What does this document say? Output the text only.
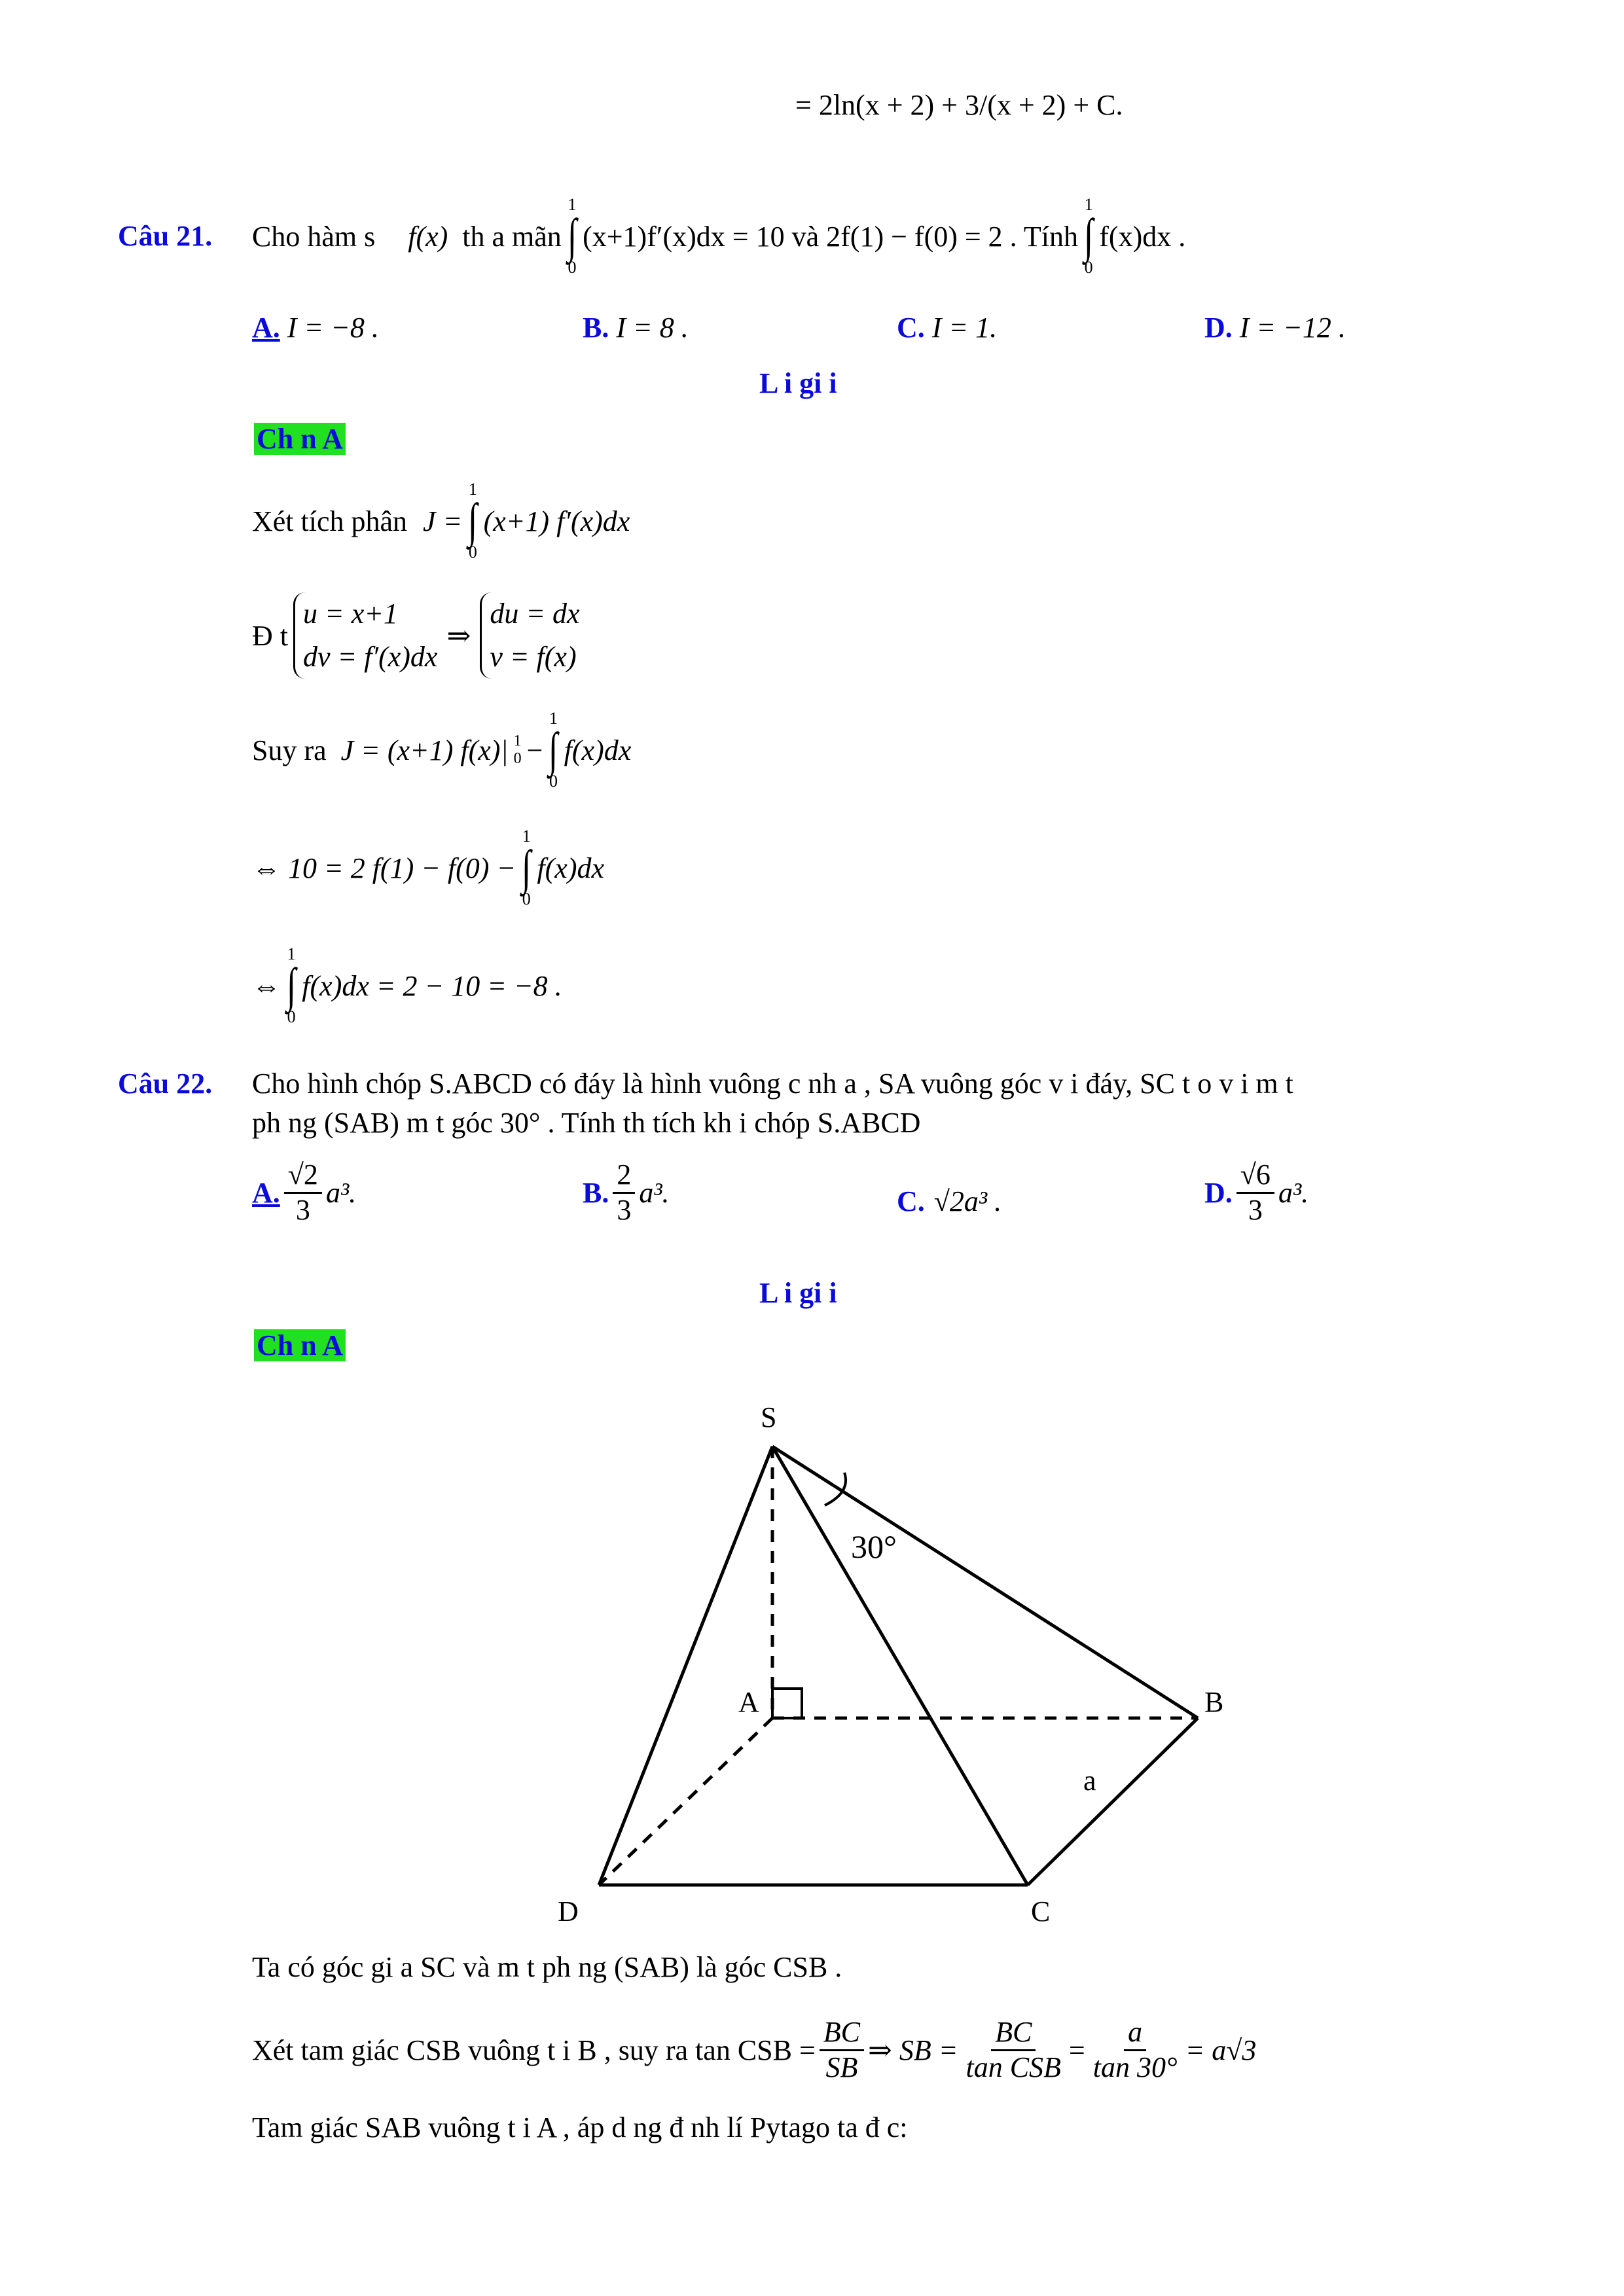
= 2ln(x + 2) + 3/(x + 2) + C.
Câu 21. Cho hàm s f(x) th a mãn
1
∫
0
(x+1)f′(x)dx = 10 và 2f(1) − f(0) = 2 . Tính
1
∫
0
f(x)dx .
A. I = −8 .	B. I = 8 .	C. I = 1.	D. I = −12 .
L i gi i
Ch n A
Xét tích phân J =
1
∫
0
(x+1) f′(x)dx
Đ t
u = x+1
dv = f′(x)dx
⇒
du = dx
v = f(x)
Suy ra J = (x+1) f(x)| 1
0 −
1
∫
0
f(x)dx
⇔ 10 = 2 f(1) − f(0) −
1
∫
0
f(x)dx
⇔
1
∫
0
f(x)dx = 2 − 10 = −8 .
Câu 22. Cho hình chóp S.ABCD có đáy là hình vuông c nh a , SA vuông góc v i đáy, SC t o v i m t
ph ng (SAB) m t góc 30° . Tính th tích kh i chóp S.ABCD
A. $\frac{√2}{3} a^3$.	B. $\frac{2}{3} a^3$.	C. √2a³ .	D. $\frac{√6}{3} a^3$.
L i gi i
Ch n A
S
A	B
C
D
a
30°
Ta có góc gi a SC và m t ph ng (SAB) là góc CSB .
Xét tam giác CSB vuông t i B , suy ra tan CSB = $\frac{BC}{SB}$ ⇒ SB = $\frac{BC}{\text{tan CSB}} = \frac{a}{\tan 30^\circ} = a√3$
Tam giác SAB vuông t i A , áp d ng đ nh lí Pytago ta đ c:
